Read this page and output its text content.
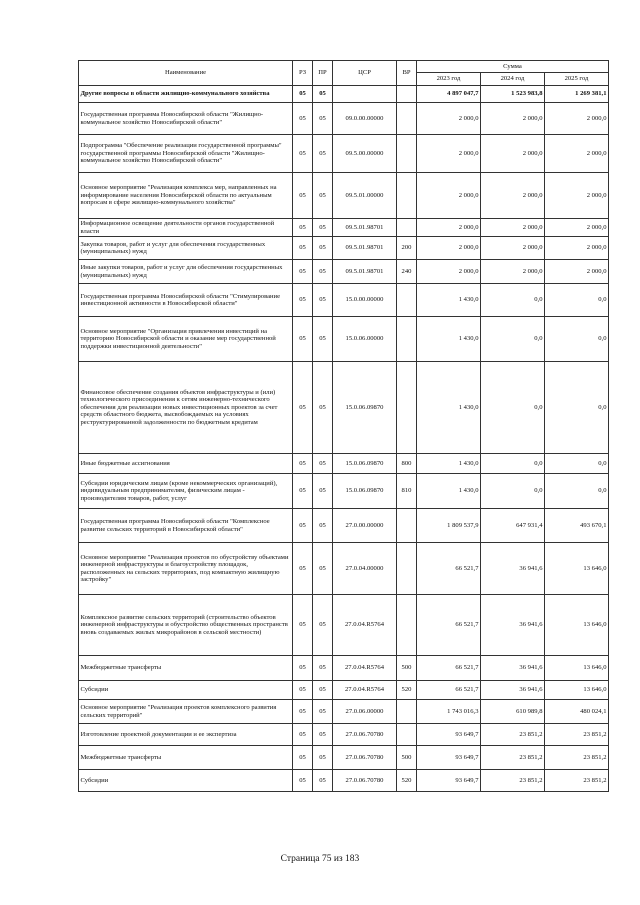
Наименование	РЗ	ПР	ЦСР	ВР	Сумма		
					2023 год	2024 год	2025 год
Другие вопросы в области жилищно-коммунального хозяйства	05	05			4 897 047,7	1 523 983,8	1 269 381,1
Государственная программа Новосибирской области "Жилищно-коммунальное хозяйство Новосибирской области"	05	05	09.0.00.00000		2 000,0	2 000,0	2 000,0
Подпрограмма "Обеспечение реализации государственной программы" государственной программы Новосибирской области "Жилищно-коммунальное хозяйство Новосибирской области"	05	05	09.5.00.00000		2 000,0	2 000,0	2 000,0
Основное мероприятие "Реализация комплекса мер, направленных на информирование населения Новосибирской области по актуальным вопросам в сфере жилищно-коммунального хозяйства"	05	05	09.5.01.00000		2 000,0	2 000,0	2 000,0
Информационное освещение деятельности органов государственной власти	05	05	09.5.01.98701		2 000,0	2 000,0	2 000,0
Закупка товаров, работ и услуг для обеспечения государственных (муниципальных) нужд	05	05	09.5.01.98701	200	2 000,0	2 000,0	2 000,0
Иные закупки товаров, работ и услуг для обеспечения государственных (муниципальных) нужд	05	05	09.5.01.98701	240	2 000,0	2 000,0	2 000,0
Государственная программа Новосибирской области "Стимулирование инвестиционной активности в Новосибирской области"	05	05	15.0.00.00000		1 430,0	0,0	0,0
Основное мероприятие "Организация привлечения инвестиций на территорию Новосибирской области и оказание мер государственной поддержки инвестиционной деятельности"	05	05	15.0.06.00000		1 430,0	0,0	0,0
Финансовое обеспечение создания объектов инфраструктуры и (или) технологического присоединения к сетям инженерно-технического обеспечения для реализации новых инвестиционных проектов за счет средств областного бюджета, высвобождаемых на условиях реструктурированной задолженности по бюджетным кредитам	05	05	15.0.06.09870		1 430,0	0,0	0,0
Иные бюджетные ассигнования	05	05	15.0.06.09870	800	1 430,0	0,0	0,0
Субсидии юридическим лицам (кроме некоммерческих организаций), индивидуальным предпринимателям, физическим лицам - производителям товаров, работ, услуг	05	05	15.0.06.09870	810	1 430,0	0,0	0,0
Государственная программа Новосибирской области "Комплексное развитие сельских территорий в Новосибирской области"	05	05	27.0.00.00000		1 809 537,9	647 931,4	493 670,1
Основное мероприятие "Реализация проектов по обустройству объектами инженерной инфраструктуры и благоустройству площадок, расположенных на сельских территориях, под компактную жилищную застройку"	05	05	27.0.04.00000		66 521,7	36 941,6	13 646,0
Комплексное развитие сельских территорий (строительство объектов инженерной инфраструктуры и обустройство общественных пространств вновь создаваемых жилых микрорайонов в сельской местности)	05	05	27.0.04.R5764		66 521,7	36 941,6	13 646,0
Межбюджетные трансферты	05	05	27.0.04.R5764	500	66 521,7	36 941,6	13 646,0
Субсидии	05	05	27.0.04.R5764	520	66 521,7	36 941,6	13 646,0
Основное мероприятие "Реализация проектов комплексного развития сельских территорий"	05	05	27.0.06.00000		1 743 016,3	610 989,8	480 024,1
Изготовление проектной документации и ее экспертиза	05	05	27.0.06.70780		93 649,7	23 851,2	23 851,2
Межбюджетные трансферты	05	05	27.0.06.70780	500	93 649,7	23 851,2	23 851,2
Субсидии	05	05	27.0.06.70780	520	93 649,7	23 851,2	23 851,2
Страница 75 из 183
